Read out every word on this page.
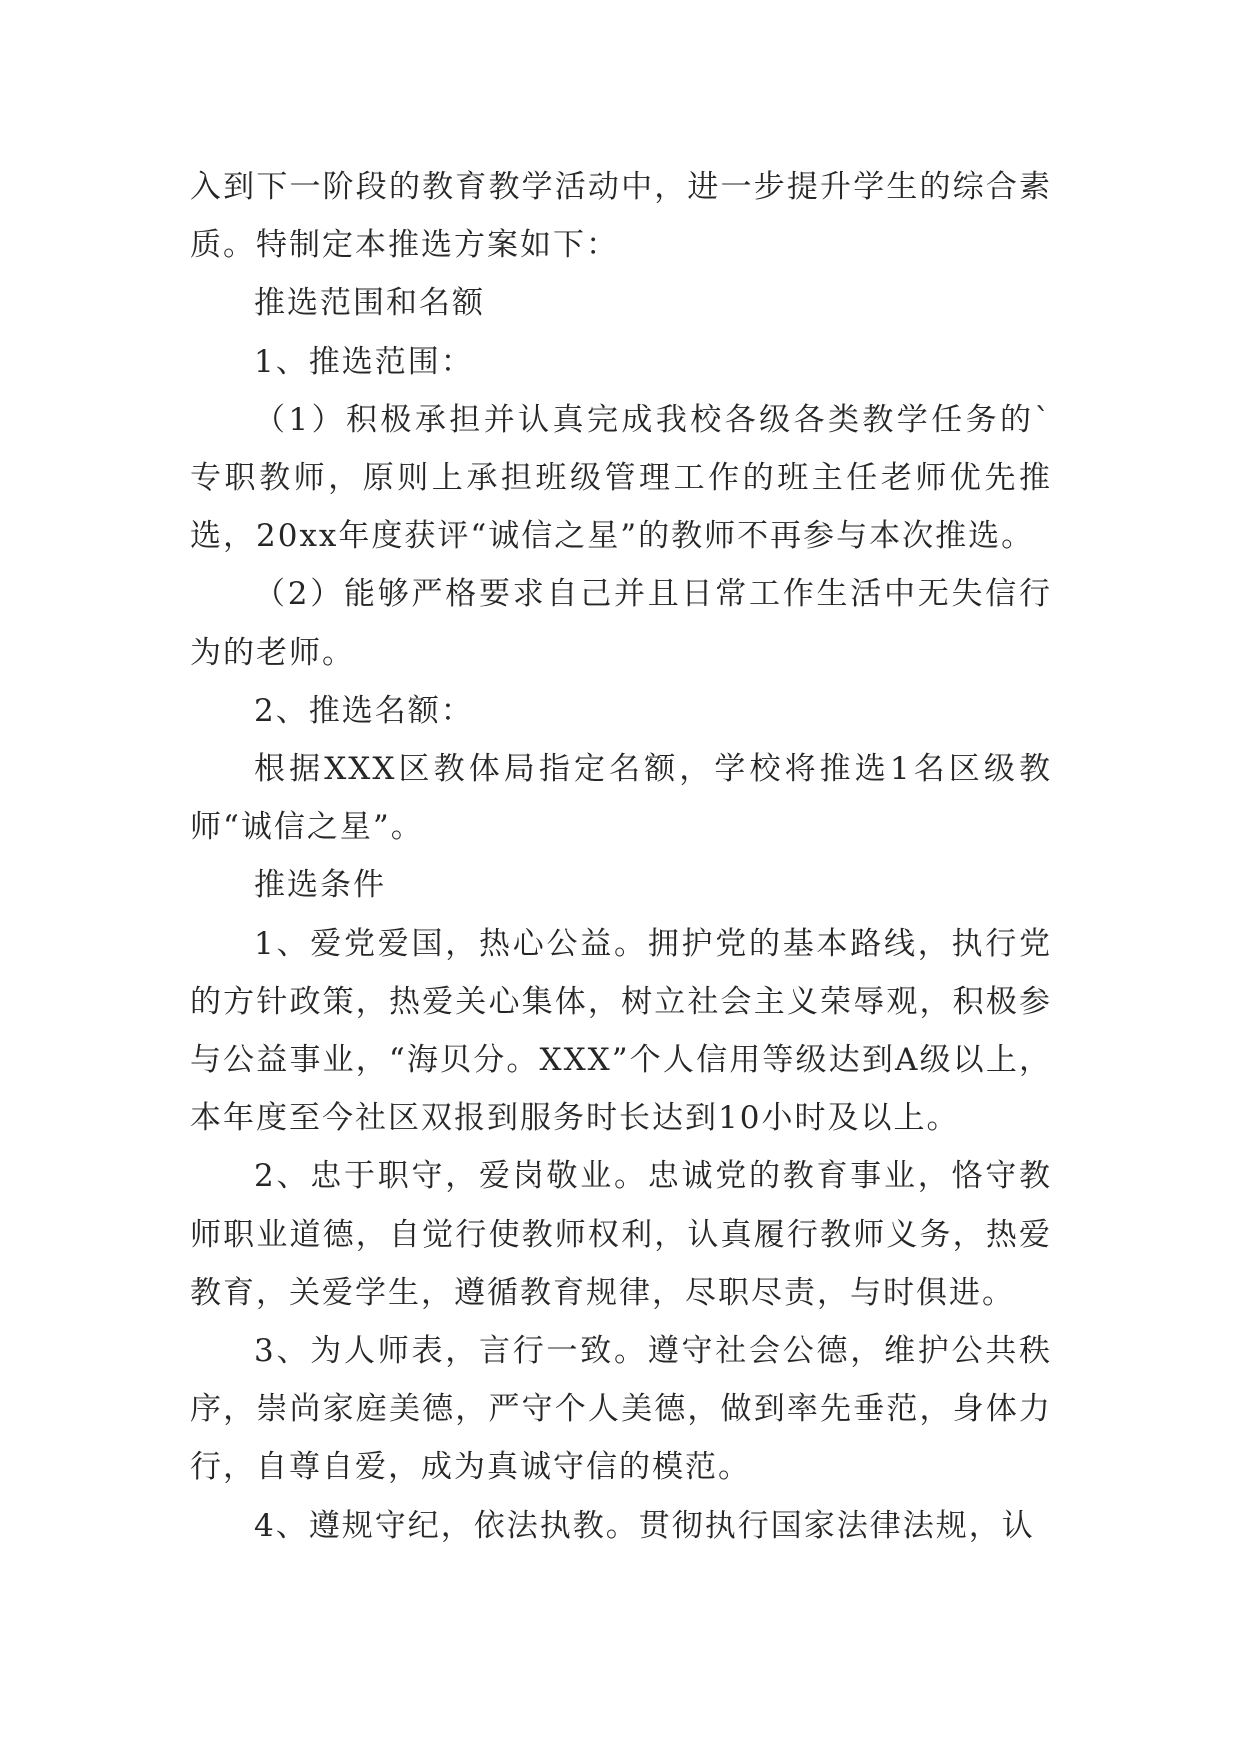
入到下一阶段的教育教学活动中，进一步提升学生的综合素质。特制定本推选方案如下：

推选范围和名额

1、推选范围：

（1）积极承担并认真完成我校各级各类教学任务的`专职教师，原则上承担班级管理工作的班主任老师优先推选，20xx年度获评“诚信之星”的教师不再参与本次推选。

（2）能够严格要求自己并且日常工作生活中无失信行为的老师。

2、推选名额：

根据XXX区教体局指定名额，学校将推选1名区级教师“诚信之星”。

推选条件

1、爱党爱国，热心公益。拥护党的基本路线，执行党的方针政策，热爱关心集体，树立社会主义荣辱观，积极参与公益事业，“海贝分。XXX”个人信用等级达到A级以上，本年度至今社区双报到服务时长达到10小时及以上。

2、忠于职守，爱岗敬业。忠诚党的教育事业，恪守教师职业道德，自觉行使教师权利，认真履行教师义务，热爱教育，关爱学生，遵循教育规律，尽职尽责，与时俱进。

3、为人师表，言行一致。遵守社会公德，维护公共秩序，崇尚家庭美德，严守个人美德，做到率先垂范，身体力行，自尊自爱，成为真诚守信的模范。

4、遵规守纪，依法执教。贯彻执行国家法律法规，认
